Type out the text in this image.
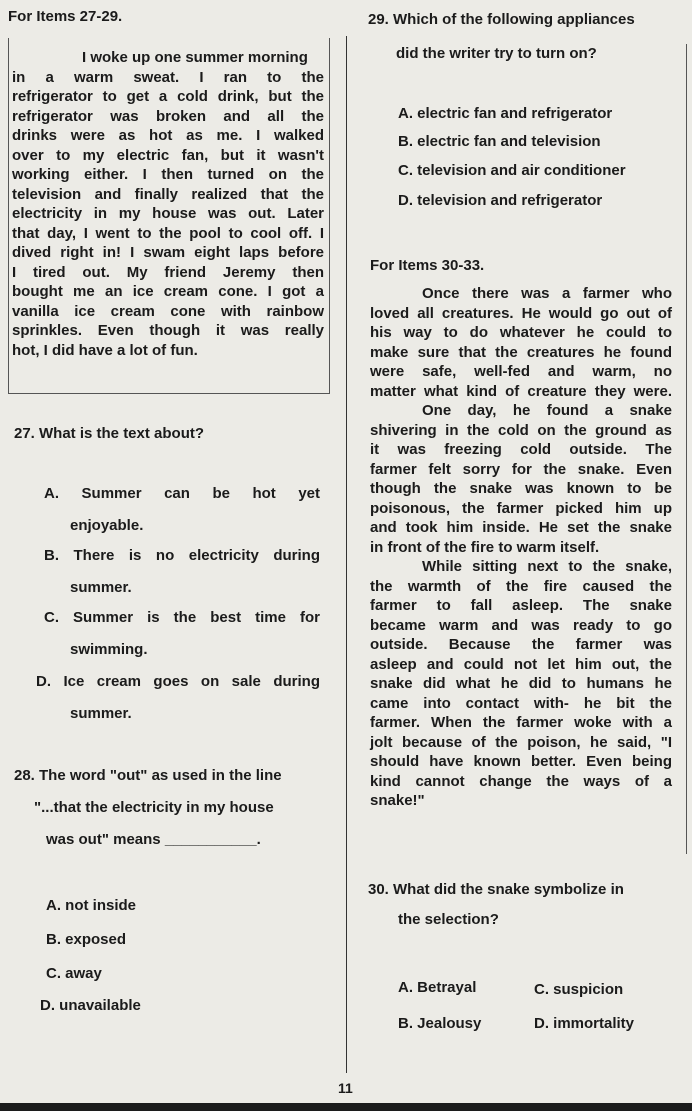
For Items 27-29.
I woke up one summer morning
in a warm sweat. I ran to the
refrigerator to get a cold drink, but the
refrigerator was broken and all the
drinks were as hot as me. I walked
over to my electric fan, but it wasn't
working either. I then turned on the
television and finally realized that the
electricity in my house was out. Later
that day, I went to the pool to cool off. I
dived right in! I swam eight laps before
I tired out. My friend Jeremy then
bought me an ice cream cone. I got a
vanilla ice cream cone with rainbow
sprinkles. Even though it was really
hot, I did have a lot of fun.
27. What is the text about?
A. Summer can be hot yet
enjoyable.
B. There is no electricity during
summer.
C. Summer is the best time for
swimming.
D. Ice cream goes on sale during
summer.
28. The word "out" as used in the line
"...that the electricity in my house
was out" means ___________.
A. not inside
B. exposed
C. away
D. unavailable
29. Which of the following appliances
did the writer try to turn on?
A. electric fan and refrigerator
B. electric fan and television
C. television and air conditioner
D. television and refrigerator
For Items 30-33.
Once there was a farmer who
loved all creatures. He would go out of
his way to do whatever he could to
make sure that the creatures he found
were safe, well-fed and warm, no
matter what kind of creature they were.
One day, he found a snake
shivering in the cold on the ground as
it was freezing cold outside. The
farmer felt sorry for the snake. Even
though the snake was known to be
poisonous, the farmer picked him up
and took him inside. He set the snake
in front of the fire to warm itself.
While sitting next to the snake,
the warmth of the fire caused the
farmer to fall asleep. The snake
became warm and was ready to go
outside. Because the farmer was
asleep and could not let him out, the
snake did what he did to humans he
came into contact with- he bit the
farmer. When the farmer woke with a
jolt because of the poison, he said, "I
should have known better. Even being
kind cannot change the ways of a
snake!"
30. What did the snake symbolize in
the selection?
A. Betrayal	C. suspicion
B. Jealousy	D. immortality
11
